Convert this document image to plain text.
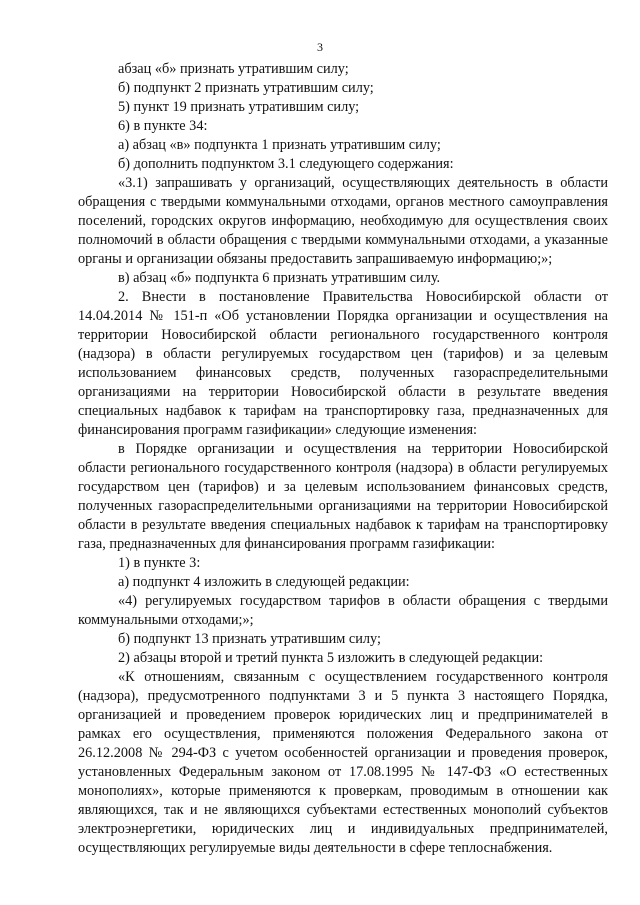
3

абзац «б» признать утратившим силу;

б) подпункт 2 признать утратившим силу;

5) пункт 19 признать утратившим силу;

6) в пункте 34:

а) абзац «в» подпункта 1 признать утратившим силу;

б) дополнить подпунктом 3.1 следующего содержания:

«3.1) запрашивать у организаций, осуществляющих деятельность в области обращения с твердыми коммунальными отходами, органов местного самоуправления поселений, городских округов информацию, необходимую для осуществления своих полномочий в области обращения с твердыми коммунальными отходами, а указанные органы и организации обязаны предоставить запрашиваемую информацию;»;

в) абзац «б» подпункта 6 признать утратившим силу.

2. Внести в постановление Правительства Новосибирской области от 14.04.2014 № 151-п «Об установлении Порядка организации и осуществления на территории Новосибирской области регионального государственного контроля (надзора) в области регулируемых государством цен (тарифов) и за целевым использованием финансовых средств, полученных газораспределительными организациями на территории Новосибирской области в результате введения специальных надбавок к тарифам на транспортировку газа, предназначенных для финансирования программ газификации» следующие изменения:

в Порядке организации и осуществления на территории Новосибирской области регионального государственного контроля (надзора) в области регулируемых государством цен (тарифов) и за целевым использованием финансовых средств, полученных газораспределительными организациями на территории Новосибирской области в результате введения специальных надбавок к тарифам на транспортировку газа, предназначенных для финансирования программ газификации:

1) в пункте 3:

а) подпункт 4 изложить в следующей редакции:

«4) регулируемых государством тарифов в области обращения с твердыми коммунальными отходами;»;

б) подпункт 13 признать утратившим силу;

2) абзацы второй и третий пункта 5 изложить в следующей редакции:

«К отношениям, связанным с осуществлением государственного контроля (надзора), предусмотренного подпунктами 3 и 5 пункта 3 настоящего Порядка, организацией и проведением проверок юридических лиц и предпринимателей в рамках его осуществления, применяются положения Федерального закона от 26.12.2008 № 294-ФЗ с учетом особенностей организации и проведения проверок, установленных Федеральным законом от 17.08.1995 № 147-ФЗ «О естественных монополиях», которые применяются к проверкам, проводимым в отношении как являющихся, так и не являющихся субъектами естественных монополий субъектов электроэнергетики, юридических лиц и индивидуальных предпринимателей, осуществляющих регулируемые виды деятельности в сфере теплоснабжения.
